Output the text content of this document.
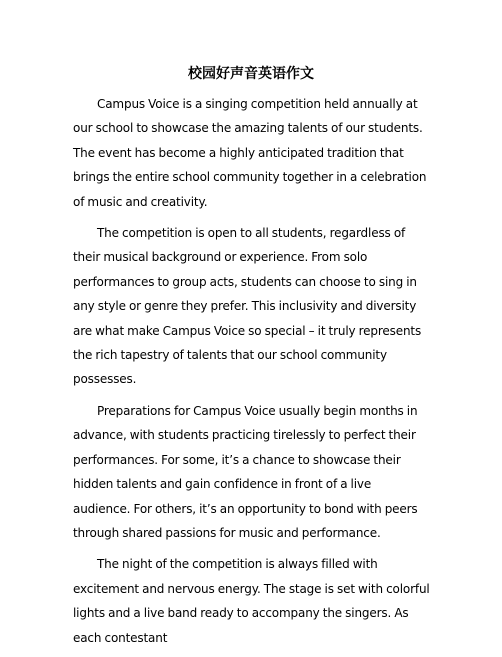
校园好声音英语作文

Campus Voice is a singing competition held annually at our school to showcase the amazing talents of our students. The event has become a highly anticipated tradition that brings the entire school community together in a celebration of music and creativity.

The competition is open to all students, regardless of their musical background or experience. From solo performances to group acts, students can choose to sing in any style or genre they prefer. This inclusivity and diversity are what make Campus Voice so special – it truly represents the rich tapestry of talents that our school community possesses.

Preparations for Campus Voice usually begin months in advance, with students practicing tirelessly to perfect their performances. For some, it’s a chance to showcase their hidden talents and gain confidence in front of a live audience. For others, it’s an opportunity to bond with peers through shared passions for music and performance.

The night of the competition is always filled with excitement and nervous energy. The stage is set with colorful lights and a live band ready to accompany the singers. As each contestant
